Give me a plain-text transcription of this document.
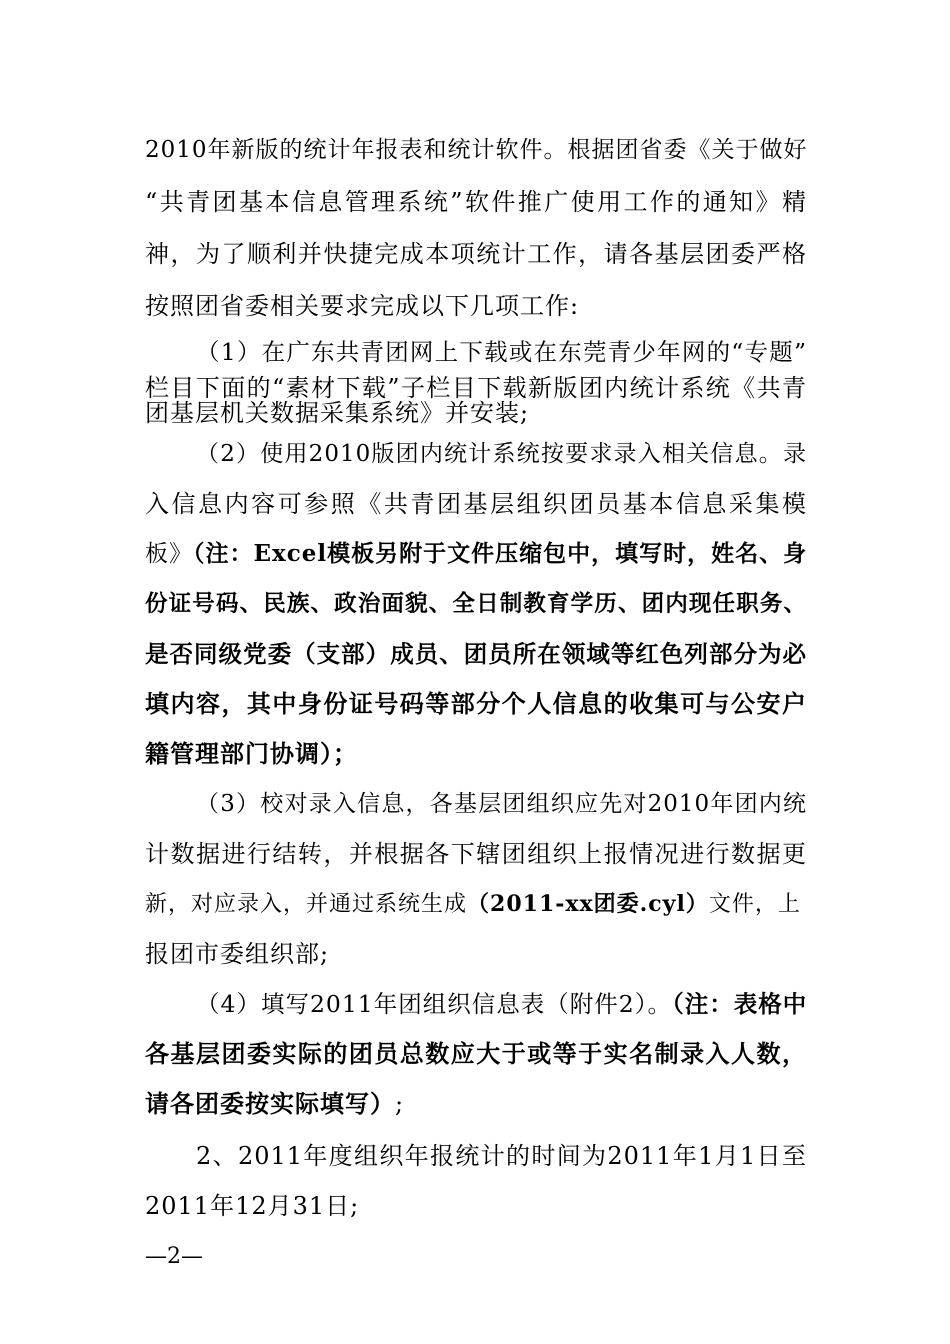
2010年新版的统计年报表和统计软件。根据团省委《关于做好
“共青团基本信息管理系统”软件推广使用工作的通知》精
神，为了顺利并快捷完成本项统计工作，请各基层团委严格
按照团省委相关要求完成以下几项工作:
（1）在广东共青团网上下载或在东莞青少年网的“专题”
栏目下面的“素材下载”子栏目下载新版团内统计系统《共青
团基层机关数据采集系统》并安装;
（2）使用2010版团内统计系统按要求录入相关信息。录
入信息内容可参照《共青团基层组织团员基本信息采集模
板》（注：Excel模板另附于文件压缩包中，填写时，姓名、身
份证号码、民族、政治面貌、全日制教育学历、团内现任职务、
是否同级党委（支部）成员、团员所在领域等红色列部分为必
填内容，其中身份证号码等部分个人信息的收集可与公安户
籍管理部门协调）；
（3）校对录入信息，各基层团组织应先对2010年团内统
计数据进行结转，并根据各下辖团组织上报情况进行数据更
新，对应录入，并通过系统生成（2011-xx团委.cyl）文件，上
报团市委组织部;
（4）填写2011年团组织信息表（附件2）。（注：表格中
各基层团委实际的团员总数应大于或等于实名制录入人数，
请各团委按实际填写）;
2、2011年度组织年报统计的时间为2011年1月1日至
2011年12月31日;
—2—
